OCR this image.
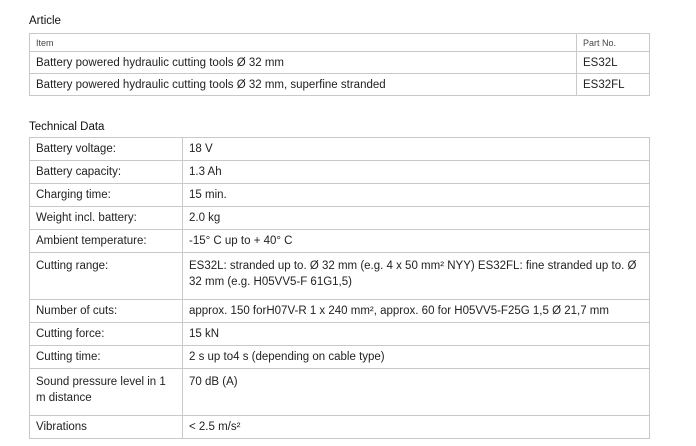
Article
Item	Part No.
Battery powered hydraulic cutting tools Ø 32 mm	ES32L
Battery powered hydraulic cutting tools Ø 32 mm, superfine stranded	ES32FL
Technical Data
Battery voltage:	18 V
Battery capacity:	1.3 Ah
Charging time:	15 min.
Weight incl. battery:	2.0 kg
Ambient temperature:	-15° C up to + 40° C
Cutting range:	ES32L: stranded up to. Ø 32 mm (e.g. 4 x 50 mm² NYY) ES32FL: fine stranded up to. Ø 32 mm (e.g. H05VV5-F 61G1,5)
Number of cuts:	approx. 150 forH07V-R 1 x 240 mm², approx. 60 for H05VV5-F25G 1,5 Ø 21,7 mm
Cutting force:	15 kN
Cutting time:	2 s up to4 s (depending on cable type)
Sound pressure level in 1 m distance	70 dB (A)
Vibrations	< 2.5 m/s²
